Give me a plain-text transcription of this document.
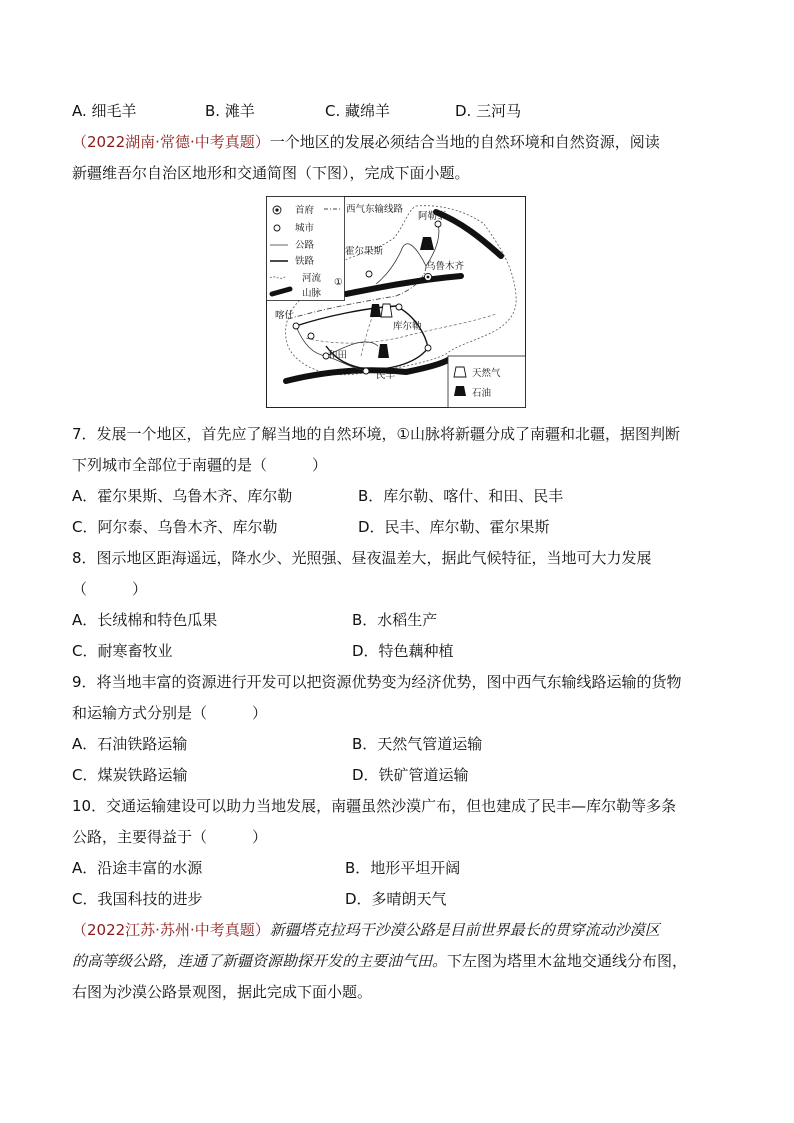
A. 细毛羊	B. 滩羊	C. 藏绵羊	D. 三河马
（2022湖南·常德·中考真题）一个地区的发展必须结合当地的自然环境和自然资源，阅读
新疆维吾尔自治区地形和交通简图（下图），完成下面小题。
首府
城市
公路
铁路
河流
山脉
西气东输线路
天然气
石油
阿勒泰
霍尔果斯
乌鲁木齐
①
喀什
库尔勒
和田
民丰
7．发展一个地区，首先应了解当地的自然环境，①山脉将新疆分成了南疆和北疆，据图判断
下列城市全部位于南疆的是（　　　）
A．霍尔果斯、乌鲁木齐、库尔勒	B．库尔勒、喀什、和田、民丰
C．阿尔泰、乌鲁木齐、库尔勒	D．民丰、库尔勒、霍尔果斯
8．图示地区距海遥远，降水少、光照强、昼夜温差大，据此气候特征，当地可大力发展
（　　　）
A．长绒棉和特色瓜果	B．水稻生产
C．耐寒畜牧业	D．特色藕种植
9．将当地丰富的资源进行开发可以把资源优势变为经济优势，图中西气东输线路运输的货物
和运输方式分别是（　　　）
A．石油铁路运输	B．天然气管道运输
C．煤炭铁路运输	D．铁矿管道运输
10．交通运输建设可以助力当地发展，南疆虽然沙漠广布，但也建成了民丰—库尔勒等多条
公路，主要得益于（　　　）
A．沿途丰富的水源	B．地形平坦开阔
C．我国科技的进步	D．多晴朗天气
（2022江苏·苏州·中考真题）新疆塔克拉玛干沙漠公路是目前世界最长的贯穿流动沙漠区
的高等级公路，连通了新疆资源勘探开发的主要油气田。下左图为塔里木盆地交通线分布图，
右图为沙漠公路景观图，据此完成下面小题。
